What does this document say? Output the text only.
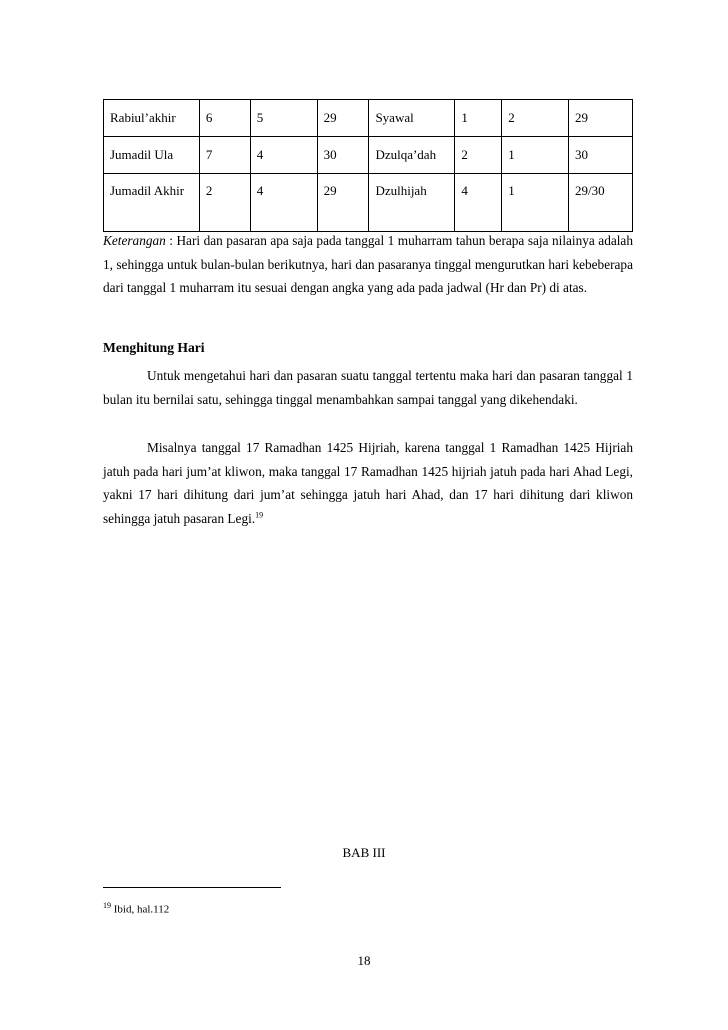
Rabiul’akhir	6	5	29	Syawal	1	2	29
Jumadil Ula	7	4	30	Dzulqa’dah	2	1	30
Jumadil Akhir	2	4	29	Dzulhijah	4	1	29/30

Keterangan : Hari dan pasaran apa saja pada tanggal 1 muharram tahun berapa saja nilainya adalah 1, sehingga untuk bulan-bulan berikutnya, hari dan pasaranya tinggal mengurutkan hari kebeberapa dari tanggal 1 muharram itu sesuai dengan angka yang ada pada jadwal (Hr dan Pr) di atas.

Menghitung Hari

Untuk mengetahui hari dan pasaran suatu tanggal tertentu maka hari dan pasaran tanggal 1 bulan itu bernilai satu, sehingga tinggal menambahkan sampai tanggal yang dikehendaki.

Misalnya tanggal 17 Ramadhan 1425 Hijriah, karena tanggal 1 Ramadhan 1425 Hijriah jatuh pada hari jum’at kliwon, maka tanggal 17 Ramadhan 1425 hijriah jatuh pada hari Ahad Legi, yakni 17 hari dihitung dari jum’at sehingga jatuh hari Ahad, dan 17 hari dihitung dari kliwon sehingga jatuh pasaran Legi.$^{19}$

BAB III
$^{19}$ Ibid, hal.112
18
